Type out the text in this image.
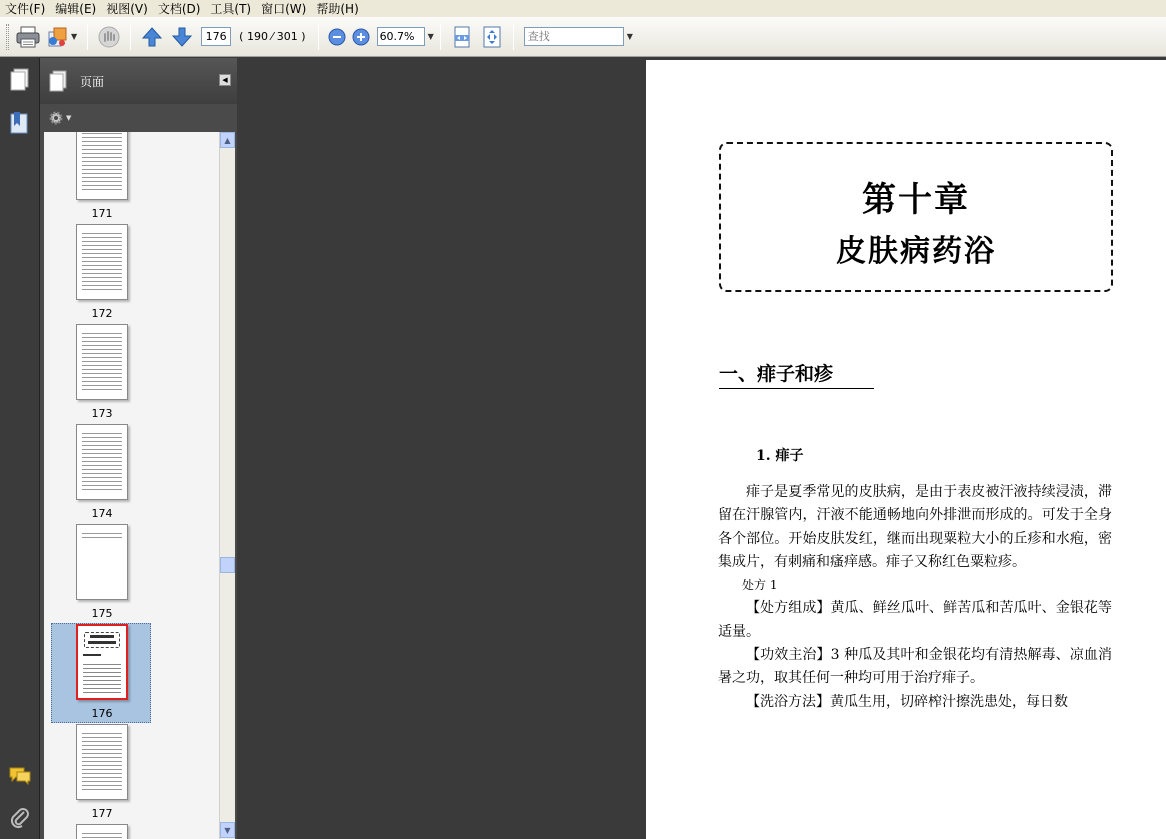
文件(F) 编辑(E) 视图(V) 文档(D) 工具(T) 窗口(W) 帮助(H)
▼
176	( 190 ⁄ 301 )
60.7%	▼
查找	▼
页面	◀
▼
171
172
173
174
175
176
177
▲
▼
第十章
皮肤病药浴
一、痱子和疹
1. 痱子

痱子是夏季常见的皮肤病，是由于表皮被汗液持续浸渍，滞留在汗腺管内，汗液不能通畅地向外排泄而形成的。可发于全身各个部位。开始皮肤发红，继而出现粟粒大小的丘疹和水疱，密集成片，有刺痛和瘙痒感。痱子又称红色粟粒疹。

处方 1

【处方组成】黄瓜、鲜丝瓜叶、鲜苦瓜和苦瓜叶、金银花等适量。

【功效主治】3 种瓜及其叶和金银花均有清热解毒、凉血消暑之功，取其任何一种均可用于治疗痱子。

【洗浴方法】黄瓜生用，切碎榨汁擦洗患处，每日数
